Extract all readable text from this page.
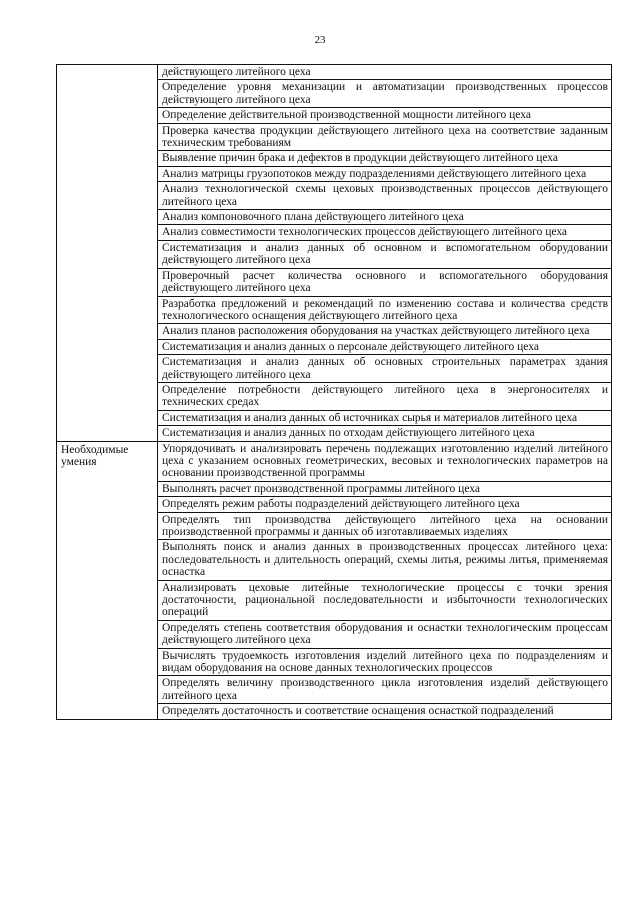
23

	действующего литейного цеха

	Определение уровня механизации и автоматизации производственных процессов действующего литейного цеха

	Определение действительной производственной мощности литейного цеха

	Проверка качества продукции действующего литейного цеха на соответствие заданным техническим требованиям

	Выявление причин брака и дефектов в продукции действующего литейного цеха

	Анализ матрицы грузопотоков между подразделениями действующего литейного цеха

	Анализ технологической схемы цеховых производственных процессов действующего литейного цеха

	Анализ компоновочного плана действующего литейного цеха

	Анализ совместимости технологических процессов действующего литейного цеха

	Систематизация и анализ данных об основном и вспомогательном оборудовании действующего литейного цеха

	Проверочный расчет количества основного и вспомогательного оборудования действующего литейного цеха

	Разработка предложений и рекомендаций по изменению состава и количества средств технологического оснащения действующего литейного цеха

	Анализ планов расположения оборудования на участках действующего литейного цеха

	Систематизация и анализ данных о персонале действующего литейного цеха

	Систематизация и анализ данных об основных строительных параметрах здания действующего литейного цеха

	Определение потребности действующего литейного цеха в энергоносителях и технических средах

	Систематизация и анализ данных об источниках сырья и материалов литейного цеха

	Систематизация и анализ данных по отходам действующего литейного цеха

Необходимые умения	Упорядочивать и анализировать перечень подлежащих изготовлению изделий литейного цеха с указанием основных геометрических, весовых и технологических параметров на основании производственной программы

	Выполнять расчет производственной программы литейного цеха

	Определять режим работы подразделений действующего литейного цеха

	Определять тип производства действующего литейного цеха на основании производственной программы и данных об изготавливаемых изделиях

	Выполнять поиск и анализ данных в производственных процессах литейного цеха: последовательность и длительность операций, схемы литья, режимы литья, применяемая оснастка

	Анализировать цеховые литейные технологические процессы с точки зрения достаточности, рациональной последовательности и избыточности технологических операций

	Определять степень соответствия оборудования и оснастки технологическим процессам действующего литейного цеха

	Вычислять трудоемкость изготовления изделий литейного цеха по подразделениям и видам оборудования на основе данных технологических процессов

	Определять величину производственного цикла изготовления изделий действующего литейного цеха

	Определять достаточность и соответствие оснащения оснасткой подразделений
